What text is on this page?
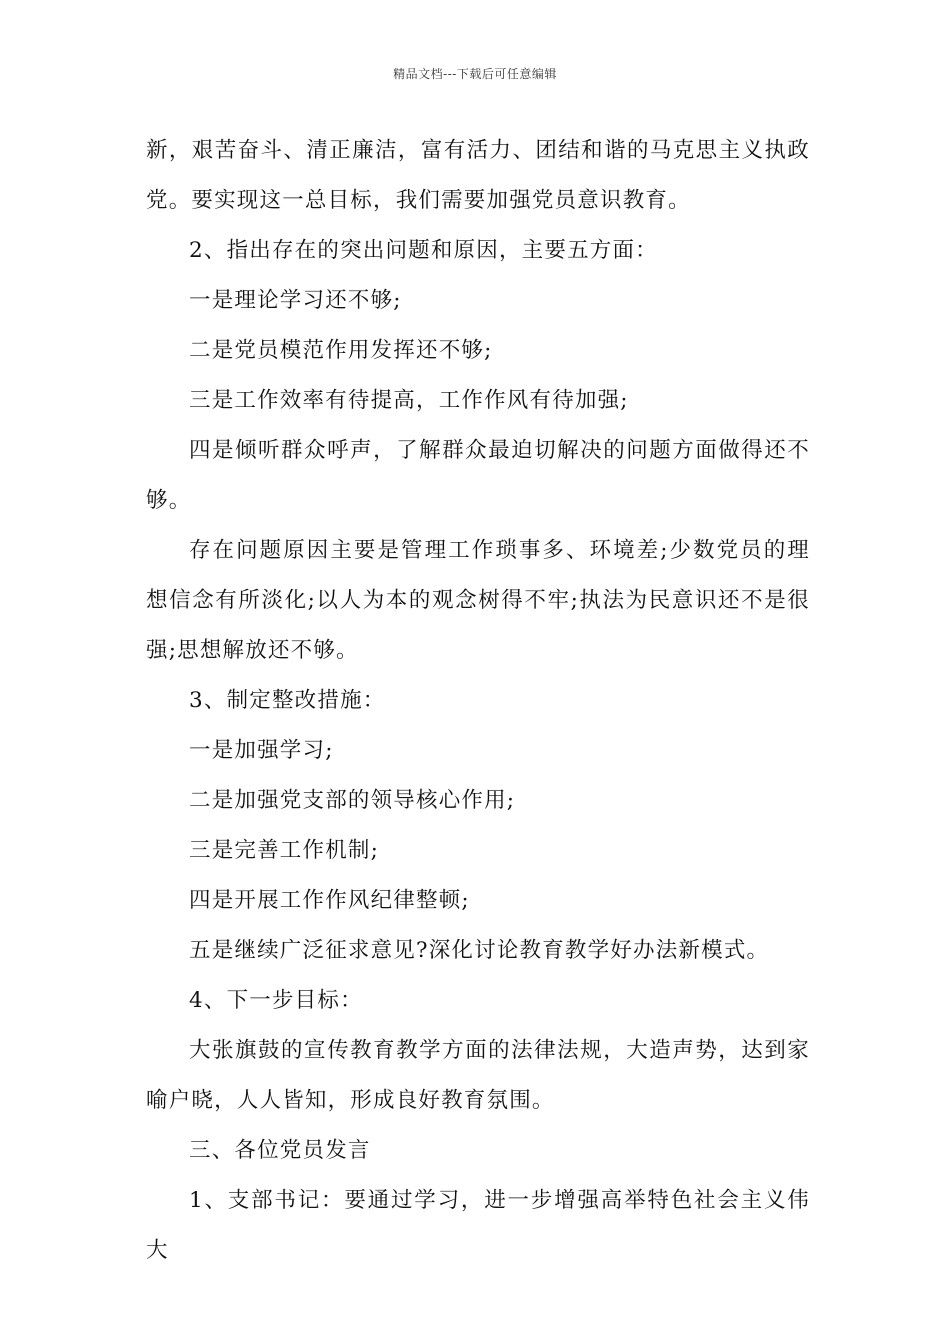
精品文档---下载后可任意编辑

新，艰苦奋斗、清正廉洁，富有活力、团结和谐的马克思主义执政党。要实现这一总目标，我们需要加强党员意识教育。

2、指出存在的突出问题和原因，主要五方面：

一是理论学习还不够;

二是党员模范作用发挥还不够;

三是工作效率有待提高，工作作风有待加强;

四是倾听群众呼声，了解群众最迫切解决的问题方面做得还不够。

存在问题原因主要是管理工作琐事多、环境差;少数党员的理想信念有所淡化;以人为本的观念树得不牢;执法为民意识还不是很强;思想解放还不够。

3、制定整改措施：

一是加强学习;

二是加强党支部的领导核心作用;

三是完善工作机制;

四是开展工作作风纪律整顿;

五是继续广泛征求意见?深化讨论教育教学好办法新模式。

4、下一步目标：

大张旗鼓的宣传教育教学方面的法律法规，大造声势，达到家喻户晓，人人皆知，形成良好教育氛围。

三、各位党员发言

1、支部书记：要通过学习，进一步增强高举特色社会主义伟大
